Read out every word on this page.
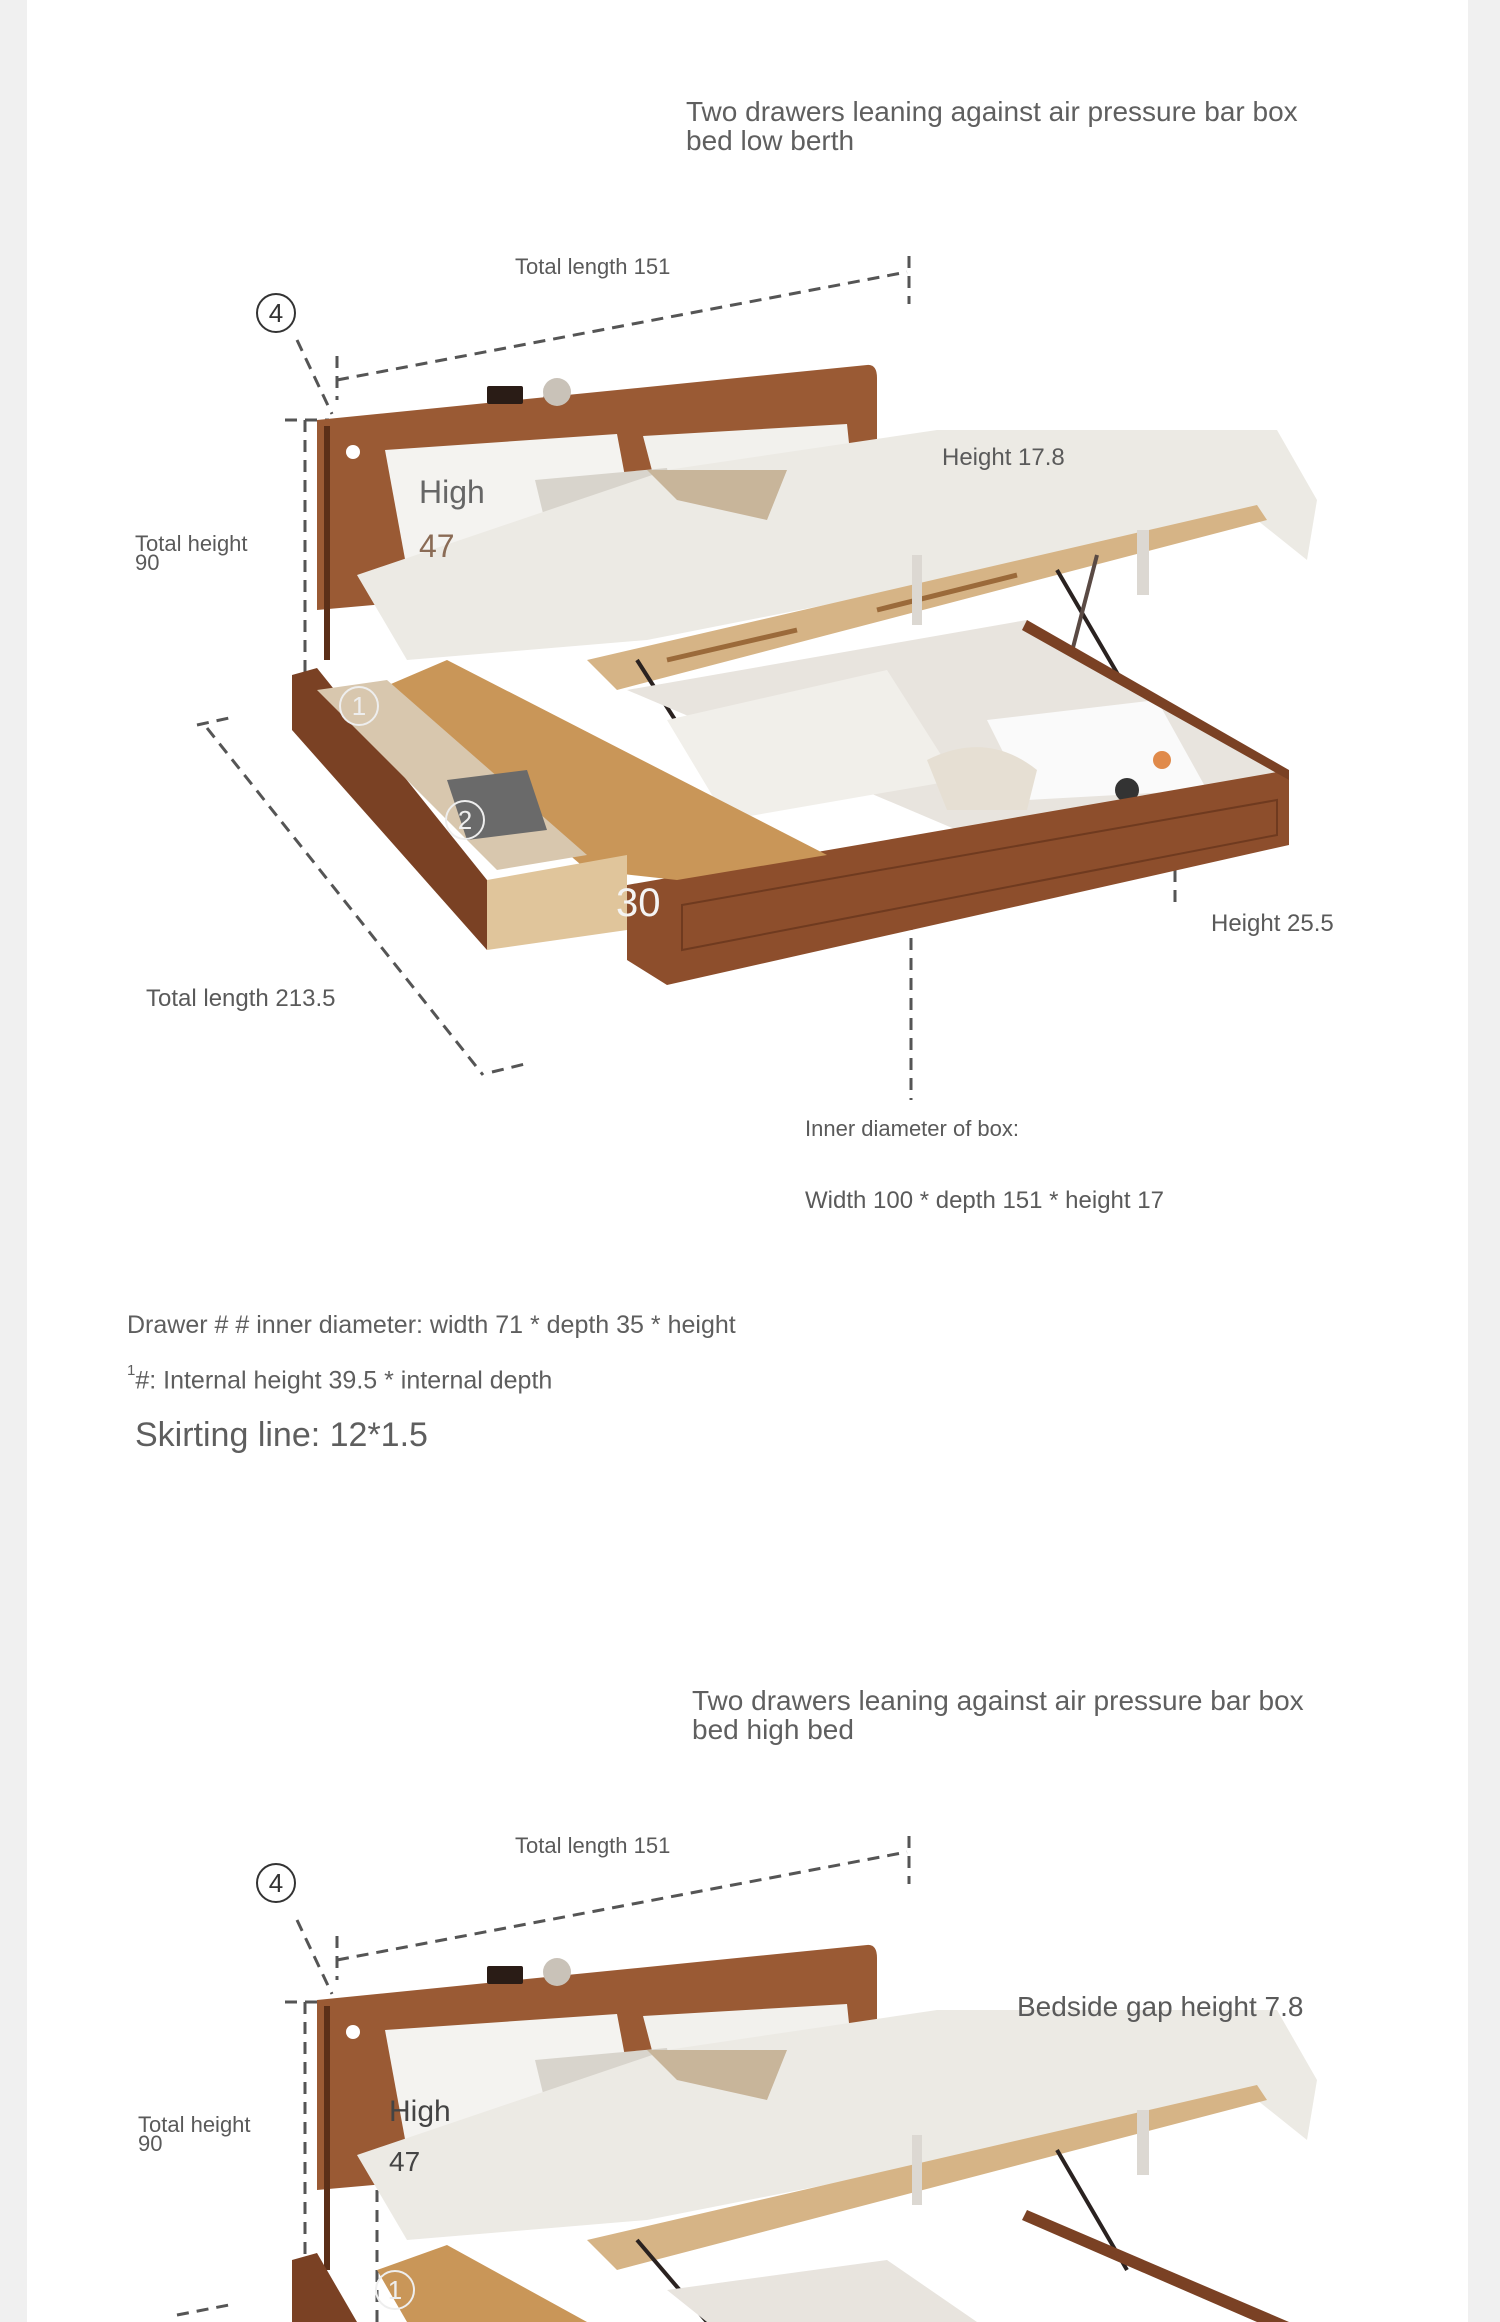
Two drawers leaning against air pressure bar box bed low berth
4
1
2
Total length 151
Total height 90
High
47
Height 17.8
30
Total length 213.5
Height 25.5
Inner diameter of box:
Width 100 * depth 151 * height 17
Drawer # # inner diameter: width 71 * depth 35 * height
$^1$#: Internal height 39.5 * internal depth
Skirting line: 12*1.5
Two drawers leaning against air pressure bar box bed high bed
4
1
Total length 151
Total height 90
High
47
Bedside gap height 7.8
